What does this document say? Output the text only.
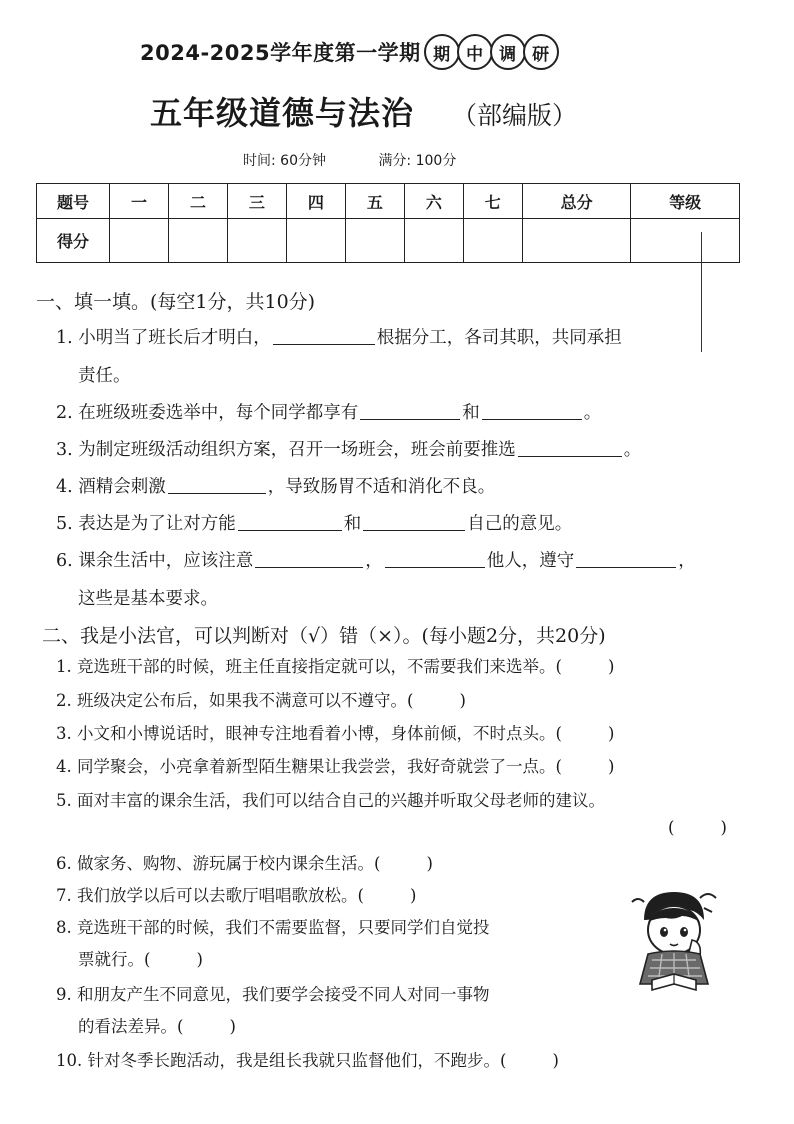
2024-2025学年度第一学期 期 中 调 研
五年级道德与法治 （部编版）
时间: 60分钟	满分: 100分
题号	一	二	三	四	五	六	七	总分	等级
得分									
一、填一填。(每空1分，共10分)
1. 小明当了班长后才明白，	根据分工，各司其职，共同承担
责任。
2. 在班级班委选举中，每个同学都享有	和	。
3. 为制定班级活动组织方案，召开一场班会，班会前要推选	。
4. 酒精会刺激	，导致肠胃不适和消化不良。
5. 表达是为了让对方能	和	自己的意见。
6. 课余生活中，应该注意	，	他人，遵守	，
这些是基本要求。
二、我是小法官，可以判断对（√）错（×）。(每小题2分，共20分)
1. 竞选班干部的时候，班主任直接指定就可以，不需要我们来选举。(	)
2. 班级决定公布后，如果我不满意可以不遵守。(	)
3. 小文和小博说话时，眼神专注地看着小博，身体前倾，不时点头。(	)
4. 同学聚会，小亮拿着新型陌生糖果让我尝尝，我好奇就尝了一点。(	)
5. 面对丰富的课余生活，我们可以结合自己的兴趣并听取父母老师的建议。
(	)
6. 做家务、购物、游玩属于校内课余生活。(	)
7. 我们放学以后可以去歌厅唱唱歌放松。(	)
8. 竞选班干部的时候，我们不需要监督，只要同学们自觉投
票就行。(	)
9. 和朋友产生不同意见，我们要学会接受不同人对同一事物
的看法差异。(	)
10. 针对冬季长跑活动，我是组长我就只监督他们，不跑步。(	)
